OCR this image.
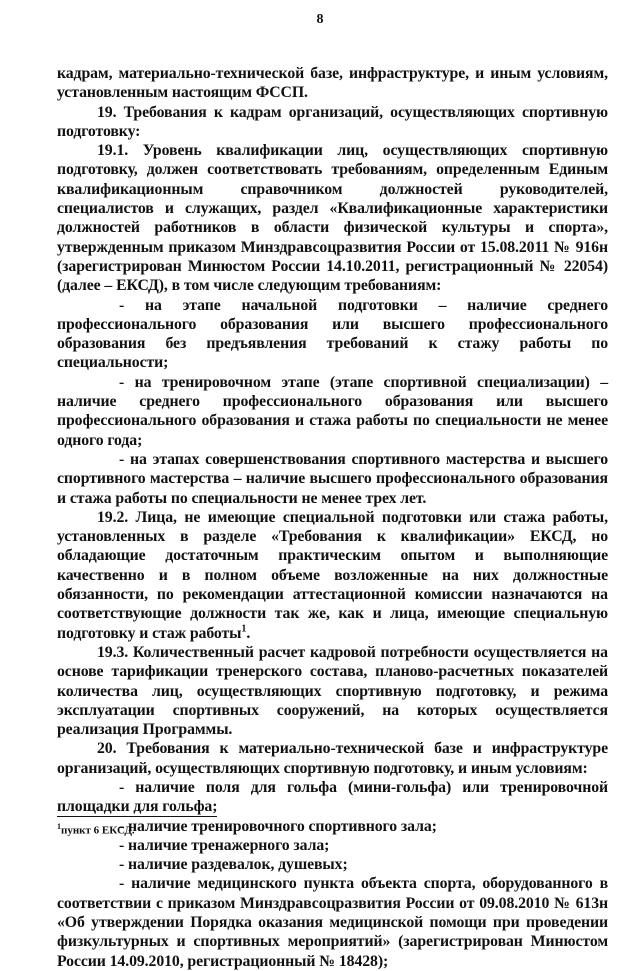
8

кадрам, материально-технической базе, инфраструктуре, и иным условиям, установленным настоящим ФССП.

19. Требования к кадрам организаций, осуществляющих спортивную подготовку:

19.1. Уровень квалификации лиц, осуществляющих спортивную подготовку, должен соответствовать требованиям, определенным Единым квалификационным справочником должностей руководителей, специалистов и служащих, раздел «Квалификационные характеристики должностей работников в области физической культуры и спорта», утвержденным приказом Минздравсоцразвития России от 15.08.2011 № 916н (зарегистрирован Минюстом России 14.10.2011, регистрационный № 22054) (далее – ЕКСД), в том числе следующим требованиям:

- на этапе начальной подготовки – наличие среднего профессионального образования или высшего профессионального образования без предъявления требований к стажу работы по специальности;

- на тренировочном этапе (этапе спортивной специализации) – наличие среднего профессионального образования или высшего профессионального образования и стажа работы по специальности не менее одного года;

- на этапах совершенствования спортивного мастерства и высшего спортивного мастерства – наличие высшего профессионального образования и стажа работы по специальности не менее трех лет.

19.2. Лица, не имеющие специальной подготовки или стажа работы, установленных в разделе «Требования к квалификации» ЕКСД, но обладающие достаточным практическим опытом и выполняющие качественно и в полном объеме возложенные на них должностные обязанности, по рекомендации аттестационной комиссии назначаются на соответствующие должности так же, как и лица, имеющие специальную подготовку и стаж работы$^1$.

19.3. Количественный расчет кадровой потребности осуществляется на основе тарификации тренерского состава, планово-расчетных показателей количества лиц, осуществляющих спортивную подготовку, и режима эксплуатации спортивных сооружений, на которых осуществляется реализация Программы.

20. Требования к материально-технической базе и инфраструктуре организаций, осуществляющих спортивную подготовку, и иным условиям:

- наличие поля для гольфа (мини-гольфа) или тренировочной площадки для гольфа;

- наличие тренировочного спортивного зала;

- наличие тренажерного зала;

- наличие раздевалок, душевых;

- наличие медицинского пункта объекта спорта, оборудованного в соответствии с приказом Минздравсоцразвития России от 09.08.2010 № 613н «Об утверждении Порядка оказания медицинской помощи при проведении физкультурных и спортивных мероприятий» (зарегистрирован Минюстом России 14.09.2010, регистрационный № 18428);

$^1$пункт 6 ЕКСД.
